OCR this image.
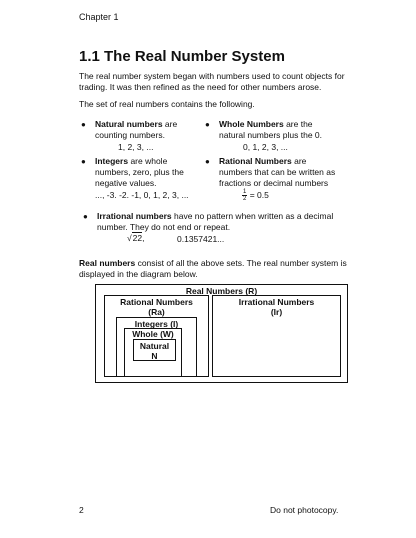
Chapter 1
1.1 The Real Number System
The real number system began with numbers used to count objects for trading. It was then refined as the need for other numbers arose.
The set of real numbers contains the following.
● Natural numbers are counting numbers.
1, 2, 3, ...
● Whole Numbers are the natural numbers plus the 0.
0, 1, 2, 3, ...
● Integers are whole numbers, zero, plus the negative values.
..., -3. -2. -1, 0, 1, 2, 3, ...
● Rational Numbers are numbers that can be written as fractions or decimal numbers
$\frac{1}{2} = 0.5$
● Irrational numbers have no pattern when written as a decimal number. They do not end or repeat.
√22,	0.1357421...
Real numbers consist of all the above sets. The real number system is displayed in the diagram below.
Real Numbers (R)
Rational Numbers
(Ra)
Irrational Numbers
(Ir)
Integers (I)
Whole (W)
Natural
N
2	Do not photocopy.
